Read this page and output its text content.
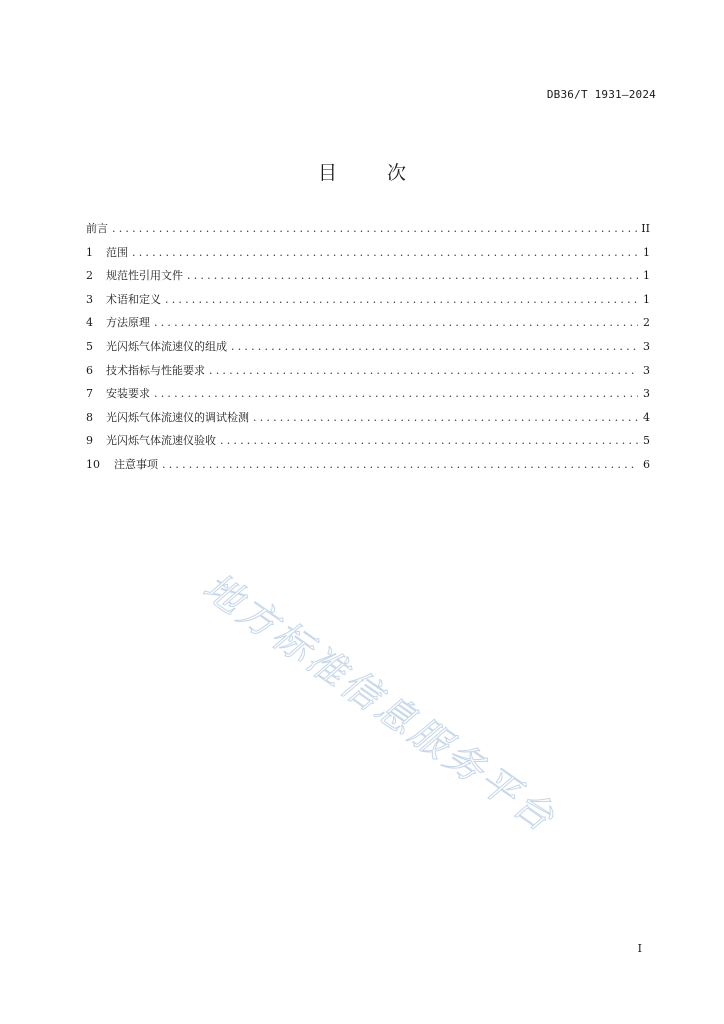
DB36/T 1931—2024
目 次
前言 .....	II
1	范围 .....	1
2	规范性引用文件 .....	1
3	术语和定义 .....	1
4	方法原理 .....	2
5	光闪烁气体流速仪的组成 .....	3
6	技术指标与性能要求 .....	3
7	安装要求 .....	3
8	光闪烁气体流速仪的调试检测 .....	4
9	光闪烁气体流速仪验收 .....	5
10	注意事项 .....	6
地方标准信息服务平台
I
